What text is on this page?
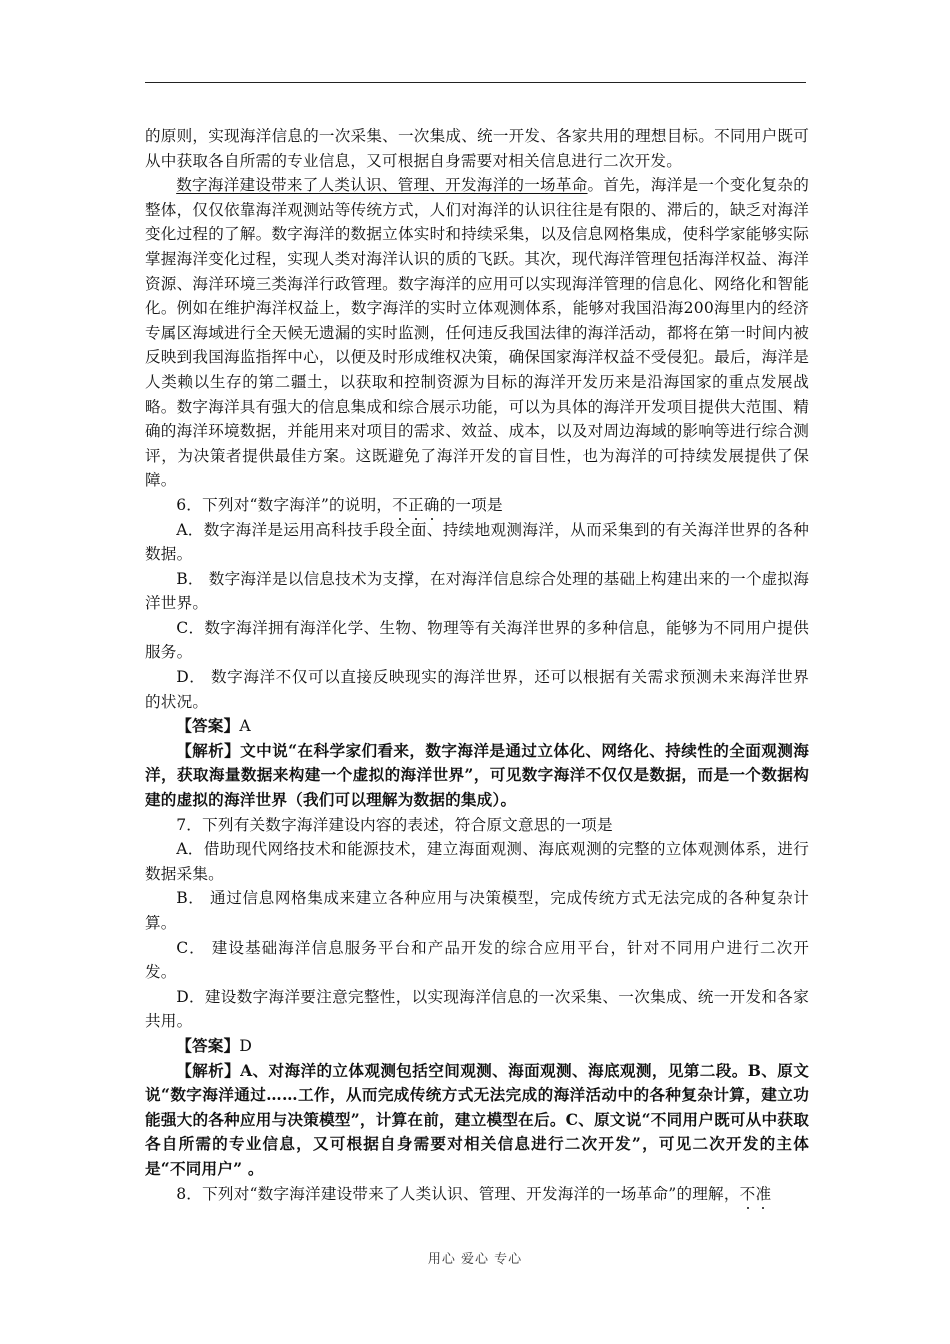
的原则，实现海洋信息的一次采集、一次集成、统一开发、各家共用的理想目标。不同用户既可从中获取各自所需的专业信息，又可根据自身需要对相关信息进行二次开发。

数字海洋建设带来了人类认识、管理、开发海洋的一场革命。首先，海洋是一个变化复杂的整体，仅仅依靠海洋观测站等传统方式，人们对海洋的认识往往是有限的、滞后的，缺乏对海洋变化过程的了解。数字海洋的数据立体实时和持续采集，以及信息网格集成，使科学家能够实际掌握海洋变化过程，实现人类对海洋认识的质的飞跃。其次，现代海洋管理包括海洋权益、海洋资源、海洋环境三类海洋行政管理。数字海洋的应用可以实现海洋管理的信息化、网络化和智能化。例如在维护海洋权益上，数字海洋的实时立体观测体系，能够对我国沿海200海里内的经济专属区海域进行全天候无遗漏的实时监测，任何违反我国法律的海洋活动，都将在第一时间内被反映到我国海监指挥中心，以便及时形成维权决策，确保国家海洋权益不受侵犯。最后，海洋是人类赖以生存的第二疆土，以获取和控制资源为目标的海洋开发历来是沿海国家的重点发展战略。数字海洋具有强大的信息集成和综合展示功能，可以为具体的海洋开发项目提供大范围、精确的海洋环境数据，并能用来对项目的需求、效益、成本，以及对周边海域的影响等进行综合测评，为决策者提供最佳方案。这既避免了海洋开发的盲目性，也为海洋的可持续发展提供了保障。

6．下列对“数字海洋”的说明，不正确的一项是

A．数字海洋是运用高科技手段全面、持续地观测海洋，从而采集到的有关海洋世界的各种数据。

B． 数字海洋是以信息技术为支撑，在对海洋信息综合处理的基础上构建出来的一个虚拟海洋世界。

C．数字海洋拥有海洋化学、生物、物理等有关海洋世界的多种信息，能够为不同用户提供服务。

D． 数字海洋不仅可以直接反映现实的海洋世界，还可以根据有关需求预测未来海洋世界的状况。

【答案】A

【解析】文中说“在科学家们看来，数字海洋是通过立体化、网络化、持续性的全面观测海洋，获取海量数据来构建一个虚拟的海洋世界”，可见数字海洋不仅仅是数据，而是一个数据构建的虚拟的海洋世界（我们可以理解为数据的集成）。

7．下列有关数字海洋建设内容的表述，符合原文意思的一项是

A．借助现代网络技术和能源技术，建立海面观测、海底观测的完整的立体观测体系，进行数据采集。

B． 通过信息网格集成来建立各种应用与决策模型，完成传统方式无法完成的各种复杂计算。

C． 建设基础海洋信息服务平台和产品开发的综合应用平台，针对不同用户进行二次开发。

D．建设数字海洋要注意完整性，以实现海洋信息的一次采集、一次集成、统一开发和各家共用。

【答案】D

【解析】A、对海洋的立体观测包括空间观测、海面观测、海底观测，见第二段。B、原文说“数字海洋通过……工作，从而完成传统方式无法完成的海洋活动中的各种复杂计算，建立功能强大的各种应用与决策模型”，计算在前，建立模型在后。C、原文说“不同用户既可从中获取各自所需的专业信息，又可根据自身需要对相关信息进行二次开发”，可见二次开发的主体是“不同用户” 。

8．下列对“数字海洋建设带来了人类认识、管理、开发海洋的一场革命”的理解，不准

用心 爱心 专心
